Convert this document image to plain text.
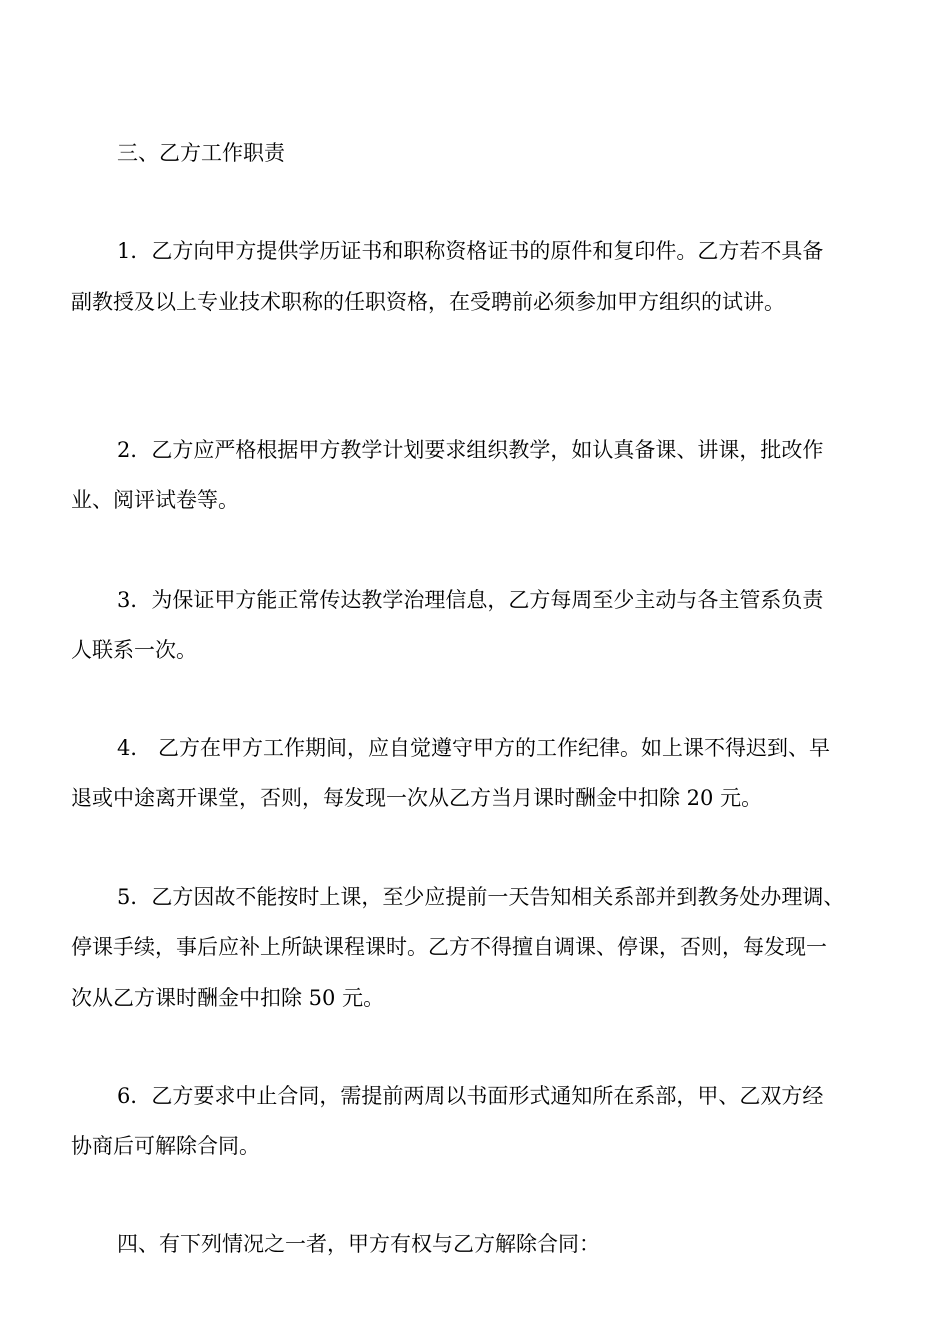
三、乙方工作职责
1．乙方向甲方提供学历证书和职称资格证书的原件和复印件。乙方若不具备
副教授及以上专业技术职称的任职资格，在受聘前必须参加甲方组织的试讲。
2．乙方应严格根据甲方教学计划要求组织教学，如认真备课、讲课，批改作
业、阅评试卷等。
3．为保证甲方能正常传达教学治理信息，乙方每周至少主动与各主管系负责
人联系一次。
4． 乙方在甲方工作期间，应自觉遵守甲方的工作纪律。如上课不得迟到、早
退或中途离开课堂，否则，每发现一次从乙方当月课时酬金中扣除 20 元。
5．乙方因故不能按时上课，至少应提前一天告知相关系部并到教务处办理调、
停课手续，事后应补上所缺课程课时。乙方不得擅自调课、停课，否则，每发现一
次从乙方课时酬金中扣除 50 元。
6．乙方要求中止合同，需提前两周以书面形式通知所在系部，甲、乙双方经
协商后可解除合同。
四、有下列情况之一者，甲方有权与乙方解除合同：
